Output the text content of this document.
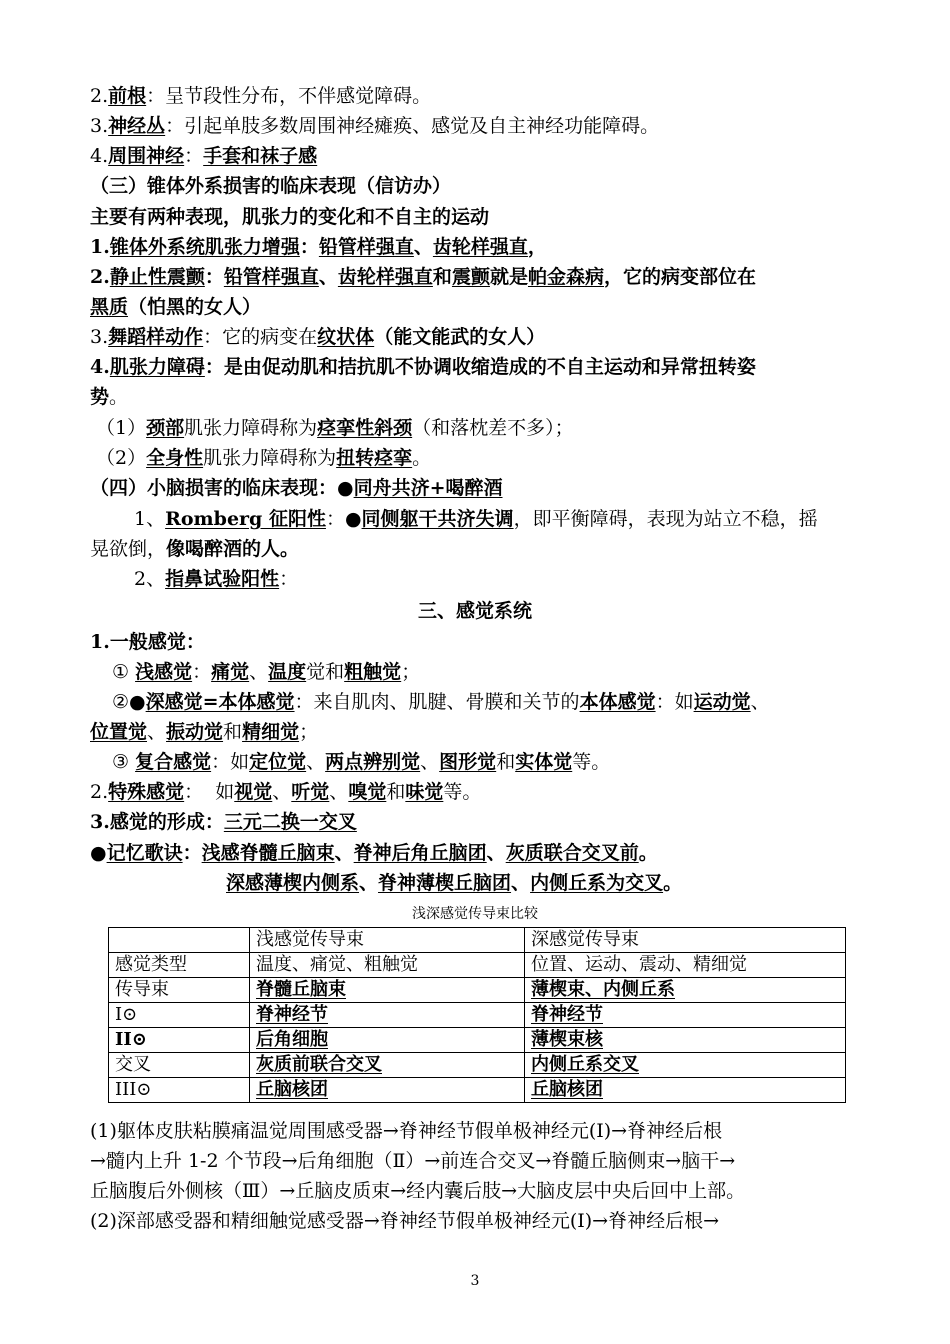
2.前根：呈节段性分布，不伴感觉障碍。
3.神经丛：引起单肢多数周围神经瘫痪、感觉及自主神经功能障碍。
4.周围神经：手套和袜子感
（三）锥体外系损害的临床表现（信访办）
主要有两种表现，肌张力的变化和不自主的运动
1.锥体外系统肌张力增强：铅管样强直、齿轮样强直，
2.静止性震颤：铅管样强直、齿轮样强直和震颤就是帕金森病，它的病变部位在
黑质（怕黑的女人）
3.舞蹈样动作：它的病变在纹状体（能文能武的女人）
4.肌张力障碍：是由促动肌和拮抗肌不协调收缩造成的不自主运动和异常扭转姿
势。
（1）颈部肌张力障碍称为痉挛性斜颈（和落枕差不多）；
（2）全身性肌张力障碍称为扭转痉挛。
（四）小脑损害的临床表现：●同舟共济+喝醉酒
1、Romberg 征阳性：●同侧躯干共济失调，即平衡障碍，表现为站立不稳，摇
晃欲倒，像喝醉酒的人。
2、指鼻试验阳性：
三、感觉系统
1.一般感觉：
① 浅感觉：痛觉、温度觉和粗触觉；
②●深感觉=本体感觉：来自肌肉、肌腱、骨膜和关节的本体感觉：如运动觉、
位置觉、振动觉和精细觉；
③ 复合感觉：如定位觉、两点辨别觉、图形觉和实体觉等。
2.特殊感觉：  如视觉、听觉、嗅觉和味觉等。
3.感觉的形成：三元二换一交叉
●记忆歌诀：浅感脊髓丘脑束、脊神后角丘脑团、灰质联合交叉前。
深感薄楔内侧系、脊神薄楔丘脑团、内侧丘系为交叉。
浅深感觉传导束比较
	浅感觉传导束	深感觉传导束
感觉类型	温度、痛觉、粗触觉	位置、运动、震动、精细觉
传导束	脊髓丘脑束	薄楔束、内侧丘系
I⊙	脊神经节	脊神经节
II⊙	后角细胞	薄楔束核
交叉	灰质前联合交叉	内侧丘系交叉
III⊙	丘脑核团	丘脑核团
(1)躯体皮肤粘膜痛温觉周围感受器→脊神经节假单极神经元(I)→脊神经后根
→髓内上升 1-2 个节段→后角细胞（Ⅱ）→前连合交叉→脊髓丘脑侧束→脑干→
丘脑腹后外侧核（Ⅲ）→丘脑皮质束→经内囊后肢→大脑皮层中央后回中上部。
(2)深部感受器和精细触觉感受器→脊神经节假单极神经元(I)→脊神经后根→
3
